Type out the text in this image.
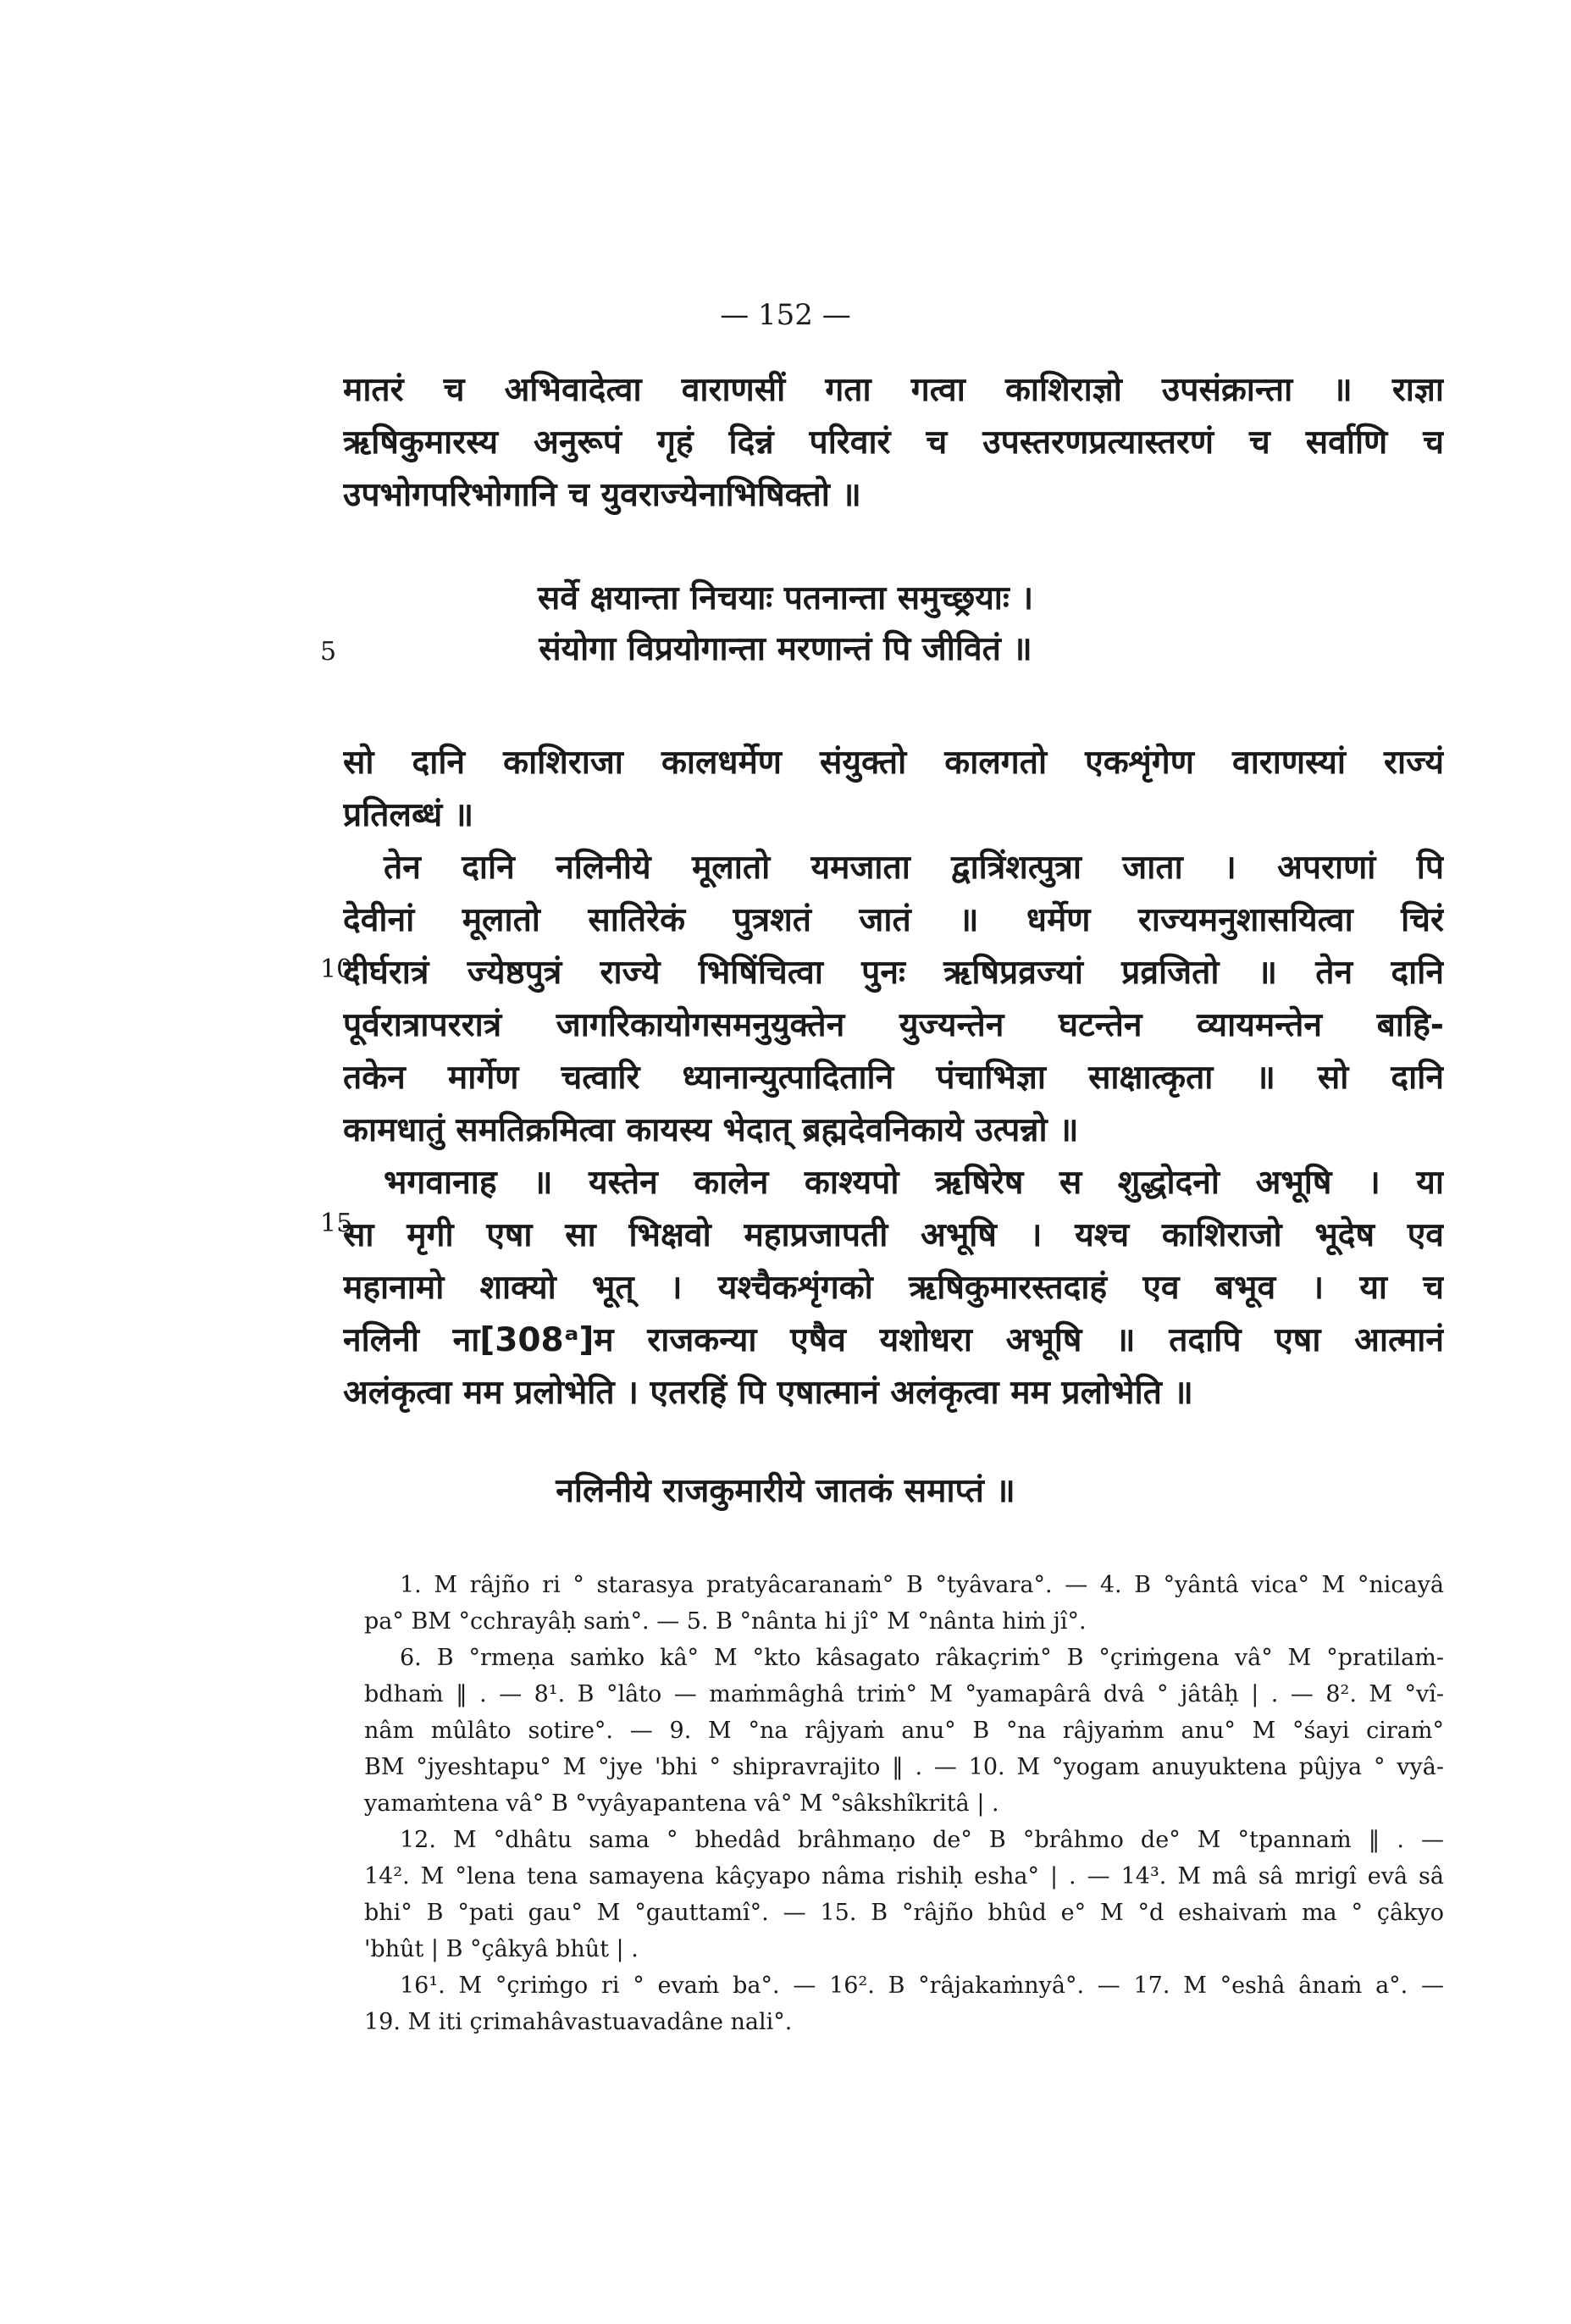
— 152 —
मातरं च अभिवादेत्वा वाराणसीं गता गत्वा काशिराज्ञो उपसंक्रान्ता ॥ राज्ञा
ऋषिकुमारस्य अनुरूपं गृहं दिन्नं परिवारं च उपस्तरणप्रत्यास्तरणं च सर्वाणि च
उपभोगपरिभोगानि च युवराज्येनाभिषिक्तो ॥
सर्वे क्षयान्ता निचयाः पतनान्ता समुच्छ्रयाः ।
संयोगा विप्रयोगान्ता मरणान्तं पि जीवितं ॥
5
10
15
सो दानि काशिराजा कालधर्मेण संयुक्तो कालगतो एकशृंगेण वाराणस्यां राज्यं
प्रतिलब्धं ॥
तेन दानि नलिनीये मूलातो यमजाता द्वात्रिंशत्पुत्रा जाता । अपराणां पि
देवीनां मूलातो सातिरेकं पुत्रशतं जातं ॥ धर्मेण राज्यमनुशासयित्वा चिरं
दीर्घरात्रं ज्येष्ठपुत्रं राज्ये भिषिंचित्वा पुनः ऋषिप्रव्रज्यां प्रव्रजितो ॥ तेन दानि
पूर्वरात्रापररात्रं जागरिकायोगसमनुयुक्तेन युज्यन्तेन घटन्तेन व्यायमन्तेन बाहि-
तकेन मार्गेण चत्वारि ध्यानान्युत्पादितानि पंचाभिज्ञा साक्षात्कृता ॥ सो दानि
कामधातुं समतिक्रमित्वा कायस्य भेदात् ब्रह्मदेवनिकाये उत्पन्नो ॥
भगवानाह ॥ यस्तेन कालेन काश्यपो ऋषिरेष स शुद्धोदनो अभूषि । या
सा मृगी एषा सा भिक्षवो महाप्रजापती अभूषि । यश्च काशिराजो भूदेष एव
महानामो शाक्यो भूत् । यश्चैकशृंगको ऋषिकुमारस्तदाहं एव बभूव । या च
नलिनी ना[308ᵃ]म राजकन्या एषैव यशोधरा अभूषि ॥ तदापि एषा आत्मानं
अलंकृत्वा मम प्रलोभेति । एतरहिं पि एषात्मानं अलंकृत्वा मम प्रलोभेति ॥
नलिनीये राजकुमारीये जातकं समाप्तं ॥
1. M râjño ri ° starasya pratyâcaranaṁ° B °tyâvara°. — 4. B °yântâ vica° M °nicayâ
pa° BM °cchrayâḥ saṁ°. — 5. B °nânta hi jî° M °nânta hiṁ jî°.
6. B °rmeṇa saṁko kâ° M °kto kâsagato râkaçriṁ° B °çriṁgena vâ° M °pratilaṁ-
bdhaṁ ‖ . — 8¹. B °lâto — maṁmâghâ triṁ° M °yamapârâ dvâ ° jâtâḥ | . — 8². M °vî-
nâm mûlâto sotire°. — 9. M °na râjyaṁ anu° B °na râjyaṁm anu° M °śayi ciraṁ°
BM °jyeshtapu° M °jye 'bhi ° shipravrajito ‖ . — 10. M °yogam anuyuktena pûjya ° vyâ-
yamaṁtena vâ° B °vyâyapantena vâ° M °sâkshîkritâ | .
12. M °dhâtu sama ° bhedâd brâhmaṇo de° B °brâhmo de° M °tpannaṁ ‖ . —
14². M °lena tena samayena kâçyapo nâma rishiḥ esha° | . — 14³. M mâ sâ mrigî evâ sâ
bhi° B °pati gau° M °gauttamî°. — 15. B °râjño bhûd e° M °d eshaivaṁ ma ° çâkyo
'bhût | B °çâkyâ bhût | .
16¹. M °çriṁgo ri ° evaṁ ba°. — 16². B °râjakaṁnyâ°. — 17. M °eshâ ânaṁ a°. —
19. M iti çrimahâvastuavadâne nali°.
